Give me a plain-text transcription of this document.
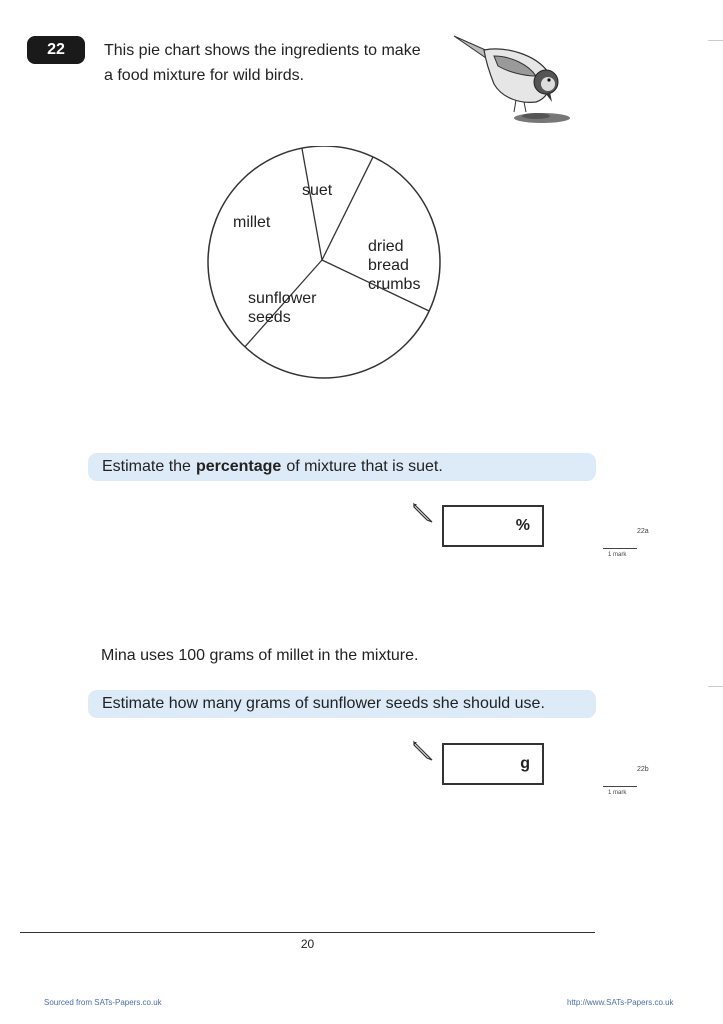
22	This pie chart shows the ingredients to make
a food mixture for wild birds.
suet
millet
dried
bread
crumbs
sunflower
seeds
Estimate the percentage of mixture that is suet.
%	22a
1 mark
Mina uses 100 grams of millet in the mixture.
Estimate how many grams of sunflower seeds she should use.
g	22b
1 mark
20
Sourced from SATs-Papers.co.uk	http://www.SATs-Papers.co.uk
